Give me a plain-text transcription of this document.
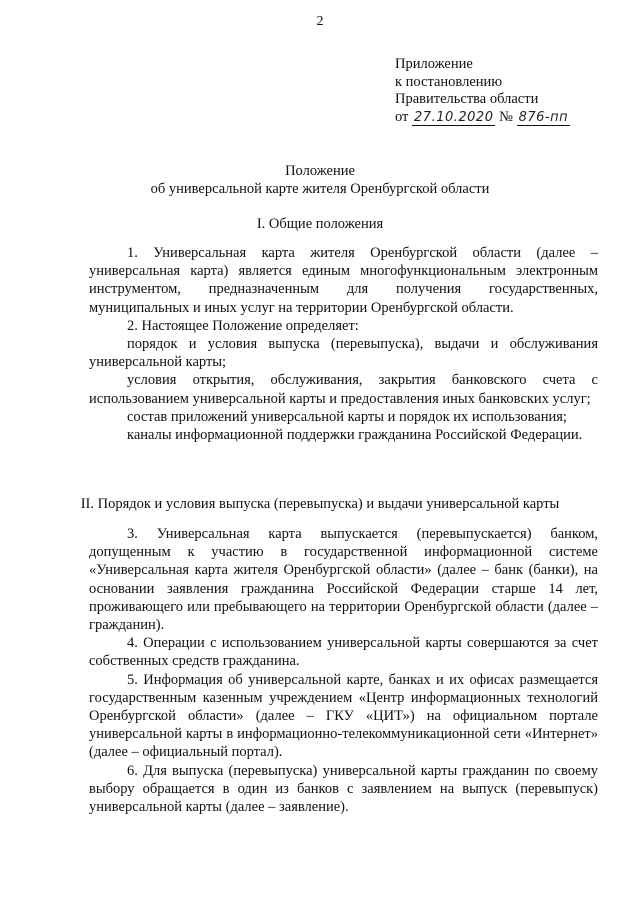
2
Приложение
к постановлению
Правительства области
от 27.10.2020 № 876-пп
Положение
об универсальной карте жителя Оренбургской области
I. Общие положения

1. Универсальная карта жителя Оренбургской области (далее – универсальная карта) является единым многофункциональным электронным инструментом, предназначенным для получения государственных, муниципальных и иных услуг на территории Оренбургской области.

2. Настоящее Положение определяет:

порядок и условия выпуска (перевыпуска), выдачи и обслуживания универсальной карты;

условия открытия, обслуживания, закрытия банковского счета с использованием универсальной карты и предоставления иных банковских услуг;

состав приложений универсальной карты и порядок их использования;

каналы информационной поддержки гражданина Российской Федерации.

II. Порядок и условия выпуска (перевыпуска) и выдачи универсальной карты

3. Универсальная карта выпускается (перевыпускается) банком, допущенным к участию в государственной информационной системе «Универсальная карта жителя Оренбургской области» (далее – банк (банки), на основании заявления гражданина Российской Федерации старше 14 лет, проживающего или пребывающего на территории Оренбургской области (далее – гражданин).

4. Операции с использованием универсальной карты совершаются за счет собственных средств гражданина.

5. Информация об универсальной карте, банках и их офисах размещается государственным казенным учреждением «Центр информационных технологий Оренбургской области» (далее – ГКУ «ЦИТ») на официальном портале универсальной карты в информационно-телекоммуникационной сети «Интернет» (далее – официальный портал).

6. Для выпуска (перевыпуска) универсальной карты гражданин по своему выбору обращается в один из банков с заявлением на выпуск (перевыпуск) универсальной карты (далее – заявление).
